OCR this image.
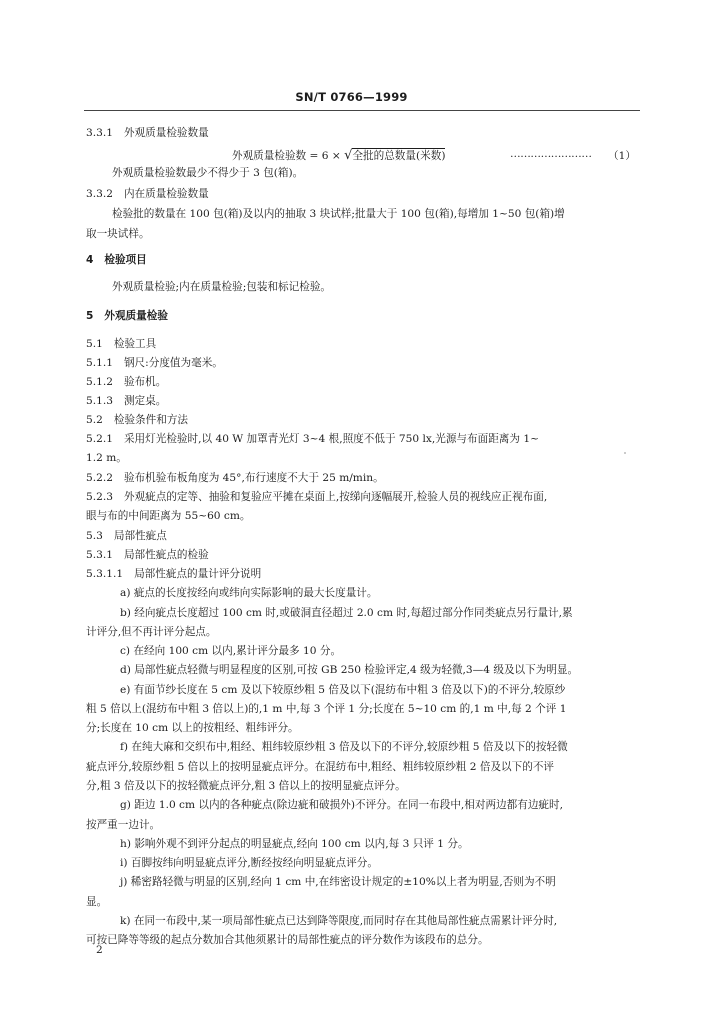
SN/T 0766—1999
3.3.1 外观质量检验数量
外观质量检验数 = 6 × √全批的总数量(米数)	…………………… （1）
外观质量检验数最少不得少于 3 包(箱)。
3.3.2 内在质量检验数量
检验批的数量在 100 包(箱)及以内的抽取 3 块试样;批量大于 100 包(箱),每增加 1~50 包(箱)增
取一块试样。
4 检验项目
外观质量检验;内在质量检验;包装和标记检验。
5 外观质量检验
5.1 检验工具
5.1.1 钢尺:分度值为毫米。
5.1.2 验布机。
5.1.3 测定桌。
5.2 检验条件和方法
5.2.1 采用灯光检验时,以 40 W 加罩青光灯 3~4 根,照度不低于 750 lx,光源与布面距离为 1~
1.2 m。
5.2.2 验布机验布板角度为 45°,布行速度不大于 25 m/min。
5.2.3 外观疵点的定等、抽验和复验应平摊在桌面上,按绨向逐幅展开,检验人员的视线应正视布面,
眼与布的中间距离为 55~60 cm。
5.3 局部性疵点
5.3.1 局部性疵点的检验
5.3.1.1 局部性疵点的量计评分说明
a) 疵点的长度按经向或纬向实际影响的最大长度量计。
b) 经向疵点长度超过 100 cm 时,或破洞直径超过 2.0 cm 时,每超过部分作同类疵点另行量计,累
计评分,但不再计评分起点。
c) 在经向 100 cm 以内,累计评分最多 10 分。
d) 局部性疵点轻微与明显程度的区别,可按 GB 250 检验评定,4 级为轻微,3—4 级及以下为明显。
e) 有面节纱长度在 5 cm 及以下较原纱粗 5 倍及以下(混纺布中粗 3 倍及以下)的不评分,较原纱
粗 5 倍以上(混纺布中粗 3 倍以上)的,1 m 中,每 3 个评 1 分;长度在 5~10 cm 的,1 m 中,每 2 个评 1
分;长度在 10 cm 以上的按粗经、粗纬评分。
f) 在纯大麻和交织布中,粗经、粗纬较原纱粗 3 倍及以下的不评分,较原纱粗 5 倍及以下的按轻微
疵点评分,较原纱粗 5 倍以上的按明显疵点评分。在混纺布中,粗经、粗纬较原纱粗 2 倍及以下的不评
分,粗 3 倍及以下的按轻微疵点评分,粗 3 倍以上的按明显疵点评分。
g) 距边 1.0 cm 以内的各种疵点(除边疵和破损外)不评分。在同一布段中,相对两边都有边疵时,
按严重一边计。
h) 影响外观不到评分起点的明显疵点,经向 100 cm 以内,每 3 只评 1 分。
i) 百脚按纬向明显疵点评分,断经按经向明显疵点评分。
j) 稀密路轻微与明显的区别,经向 1 cm 中,在纬密设计规定的±10%以上者为明显,否则为不明
显。
k) 在同一布段中,某一项局部性疵点已达到降等限度,而同时存在其他局部性疵点需累计评分时,
可按已降等等级的起点分数加合其他须累计的局部性疵点的评分数作为该段布的总分。
2
